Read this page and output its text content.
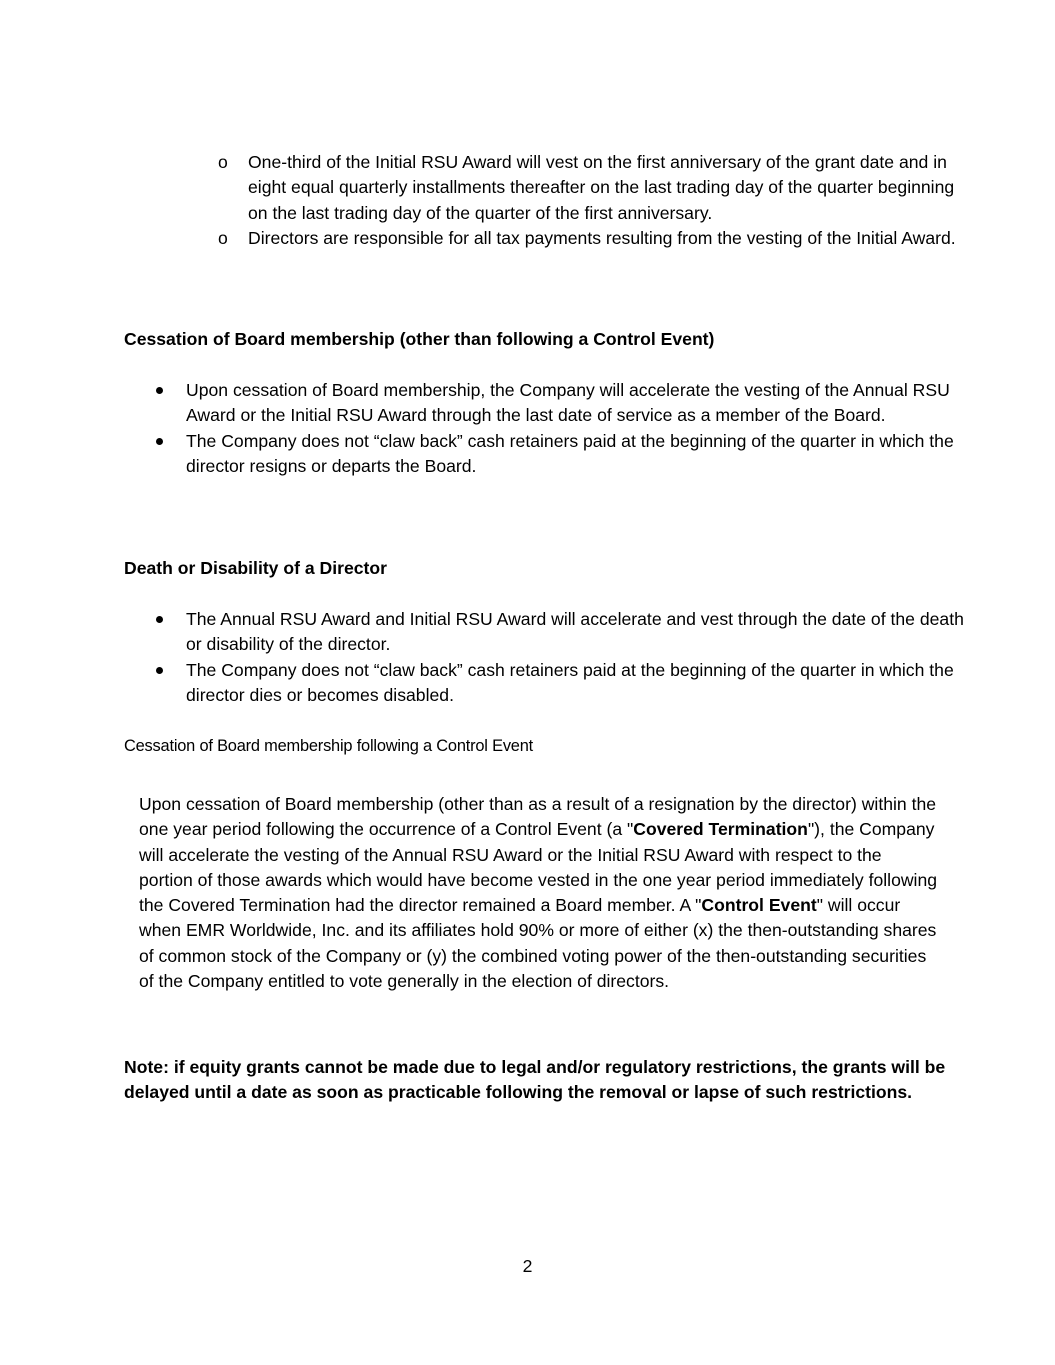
o One-third of the Initial RSU Award will vest on the first anniversary of the grant date and in eight equal quarterly installments thereafter on the last trading day of the quarter beginning on the last trading day of the quarter of the first anniversary.
o Directors are responsible for all tax payments resulting from the vesting of the Initial Award.

Cessation of Board membership (other than following a Control Event)

Upon cessation of Board membership, the Company will accelerate the vesting of the Annual RSU Award or the Initial RSU Award through the last date of service as a member of the Board.
The Company does not “claw back” cash retainers paid at the beginning of the quarter in which the director resigns or departs the Board.

Death or Disability of a Director

The Annual RSU Award and Initial RSU Award will accelerate and vest through the date of the death or disability of the director.
The Company does not “claw back” cash retainers paid at the beginning of the quarter in which the director dies or becomes disabled.

Cessation of Board membership following a Control Event

Upon cessation of Board membership (other than as a result of a resignation by the director) within the one year period following the occurrence of a Control Event (a "Covered Termination"), the Company will accelerate the vesting of the Annual RSU Award or the Initial RSU Award with respect to the portion of those awards which would have become vested in the one year period immediately following the Covered Termination had the director remained a Board member. A "Control Event" will occur when EMR Worldwide, Inc. and its affiliates hold 90% or more of either (x) the then-outstanding shares of common stock of the Company or (y) the combined voting power of the then-outstanding securities of the Company entitled to vote generally in the election of directors.

Note: if equity grants cannot be made due to legal and/or regulatory restrictions, the grants will be delayed until a date as soon as practicable following the removal or lapse of such restrictions.

2
